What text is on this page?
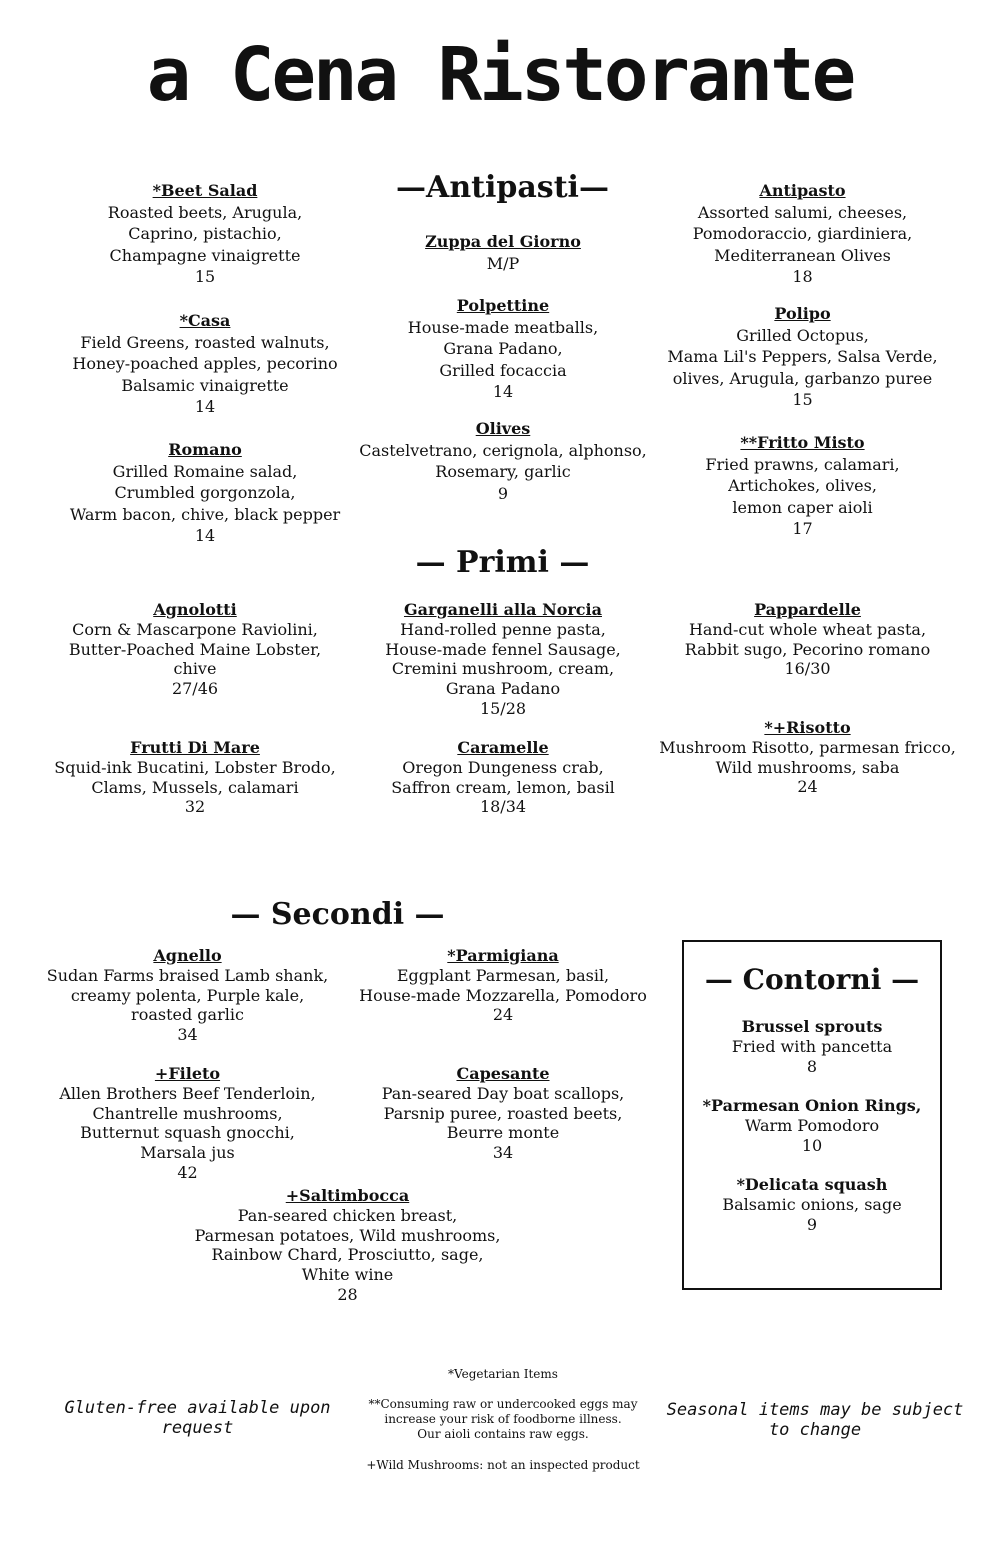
a Cena Ristorante
—Antipasti—
*Beet Salad
Roasted beets, Arugula,
Caprino, pistachio,
Champagne vinaigrette
15
*Casa
Field Greens, roasted walnuts,
Honey-poached apples, pecorino
Balsamic vinaigrette
14
Romano
Grilled Romaine salad,
Crumbled gorgonzola,
Warm bacon, chive, black pepper
14
Zuppa del Giorno
M/P
Polpettine
House-made meatballs,
Grana Padano,
Grilled focaccia
14
Olives
Castelvetrano, cerignola, alphonso,
Rosemary, garlic
9
Antipasto
Assorted salumi, cheeses,
Pomodoraccio, giardiniera,
Mediterranean Olives
18
Polipo
Grilled Octopus,
Mama Lil's Peppers, Salsa Verde,
olives, Arugula, garbanzo puree
15
**Fritto Misto
Fried prawns, calamari,
Artichokes, olives,
lemon caper aioli
17
— Primi —
Agnolotti
Corn & Mascarpone Raviolini,
Butter-Poached Maine Lobster,
chive
27/46
Garganelli alla Norcia
Hand-rolled penne pasta,
House-made fennel Sausage,
Cremini mushroom, cream,
Grana Padano
15/28
Pappardelle
Hand-cut whole wheat pasta,
Rabbit sugo, Pecorino romano
16/30
Frutti Di Mare
Squid-ink Bucatini, Lobster Brodo,
Clams, Mussels, calamari
32
Caramelle
Oregon Dungeness crab,
Saffron cream, lemon, basil
18/34
*+Risotto
Mushroom Risotto, parmesan fricco,
Wild mushrooms, saba
24
— Secondi —
Agnello
Sudan Farms braised Lamb shank,
creamy polenta, Purple kale,
roasted garlic
34
*Parmigiana
Eggplant Parmesan, basil,
House-made Mozzarella, Pomodoro
24
+Fileto
Allen Brothers Beef Tenderloin,
Chantrelle mushrooms,
Butternut squash gnocchi,
Marsala jus
42
Capesante
Pan-seared Day boat scallops,
Parsnip puree, roasted beets,
Beurre monte
34
+Saltimbocca
Pan-seared chicken breast,
Parmesan potatoes, Wild mushrooms,
Rainbow Chard, Prosciutto, sage,
White wine
28
— Contorni —
Brussel sprouts
Fried with pancetta
8
*Parmesan Onion Rings,
Warm Pomodoro
10
*Delicata squash
Balsamic onions, sage
9
Gluten-free available upon
request
Seasonal items may be subject
to change
*Vegetarian Items
**Consuming raw or undercooked eggs may
increase your risk of foodborne illness.
Our aioli contains raw eggs.
+Wild Mushrooms: not an inspected product
